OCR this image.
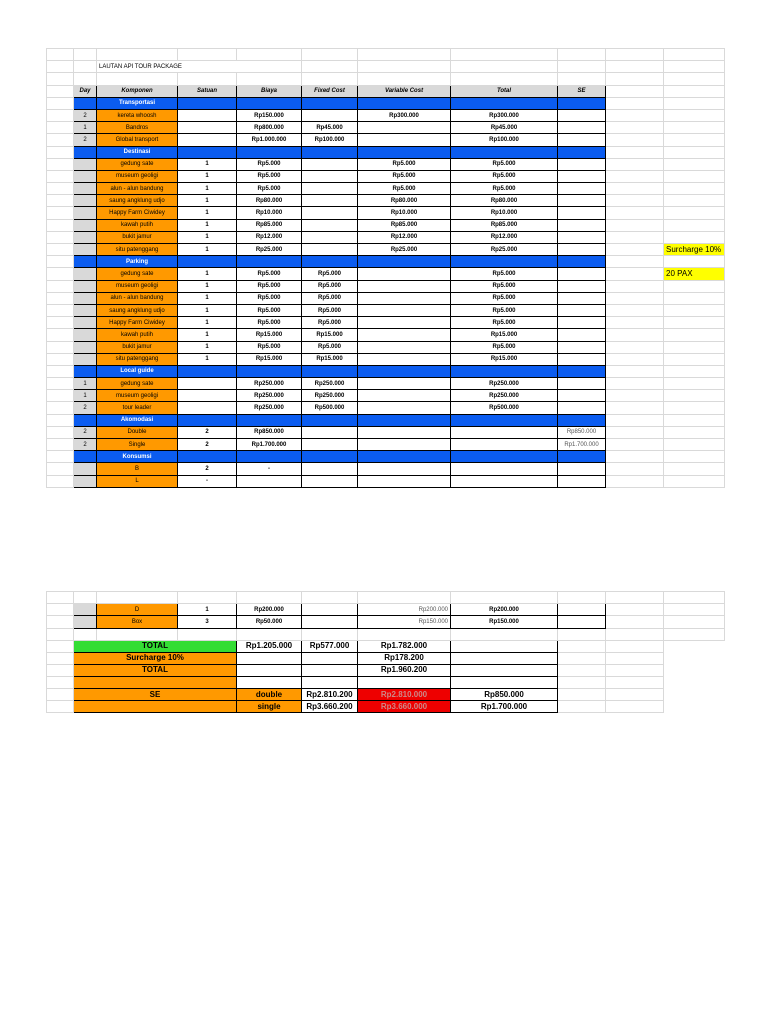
		LAUTAN API TOUR PACKAGE								

	Day	Komponen	Satuan	Biaya	Fixed Cost	Variable Cost	Total	SE		
		Transportasi								
	2	kereta whoosh		Rp150.000		Rp300.000	Rp300.000			
	1	Bandros		Rp800.000	Rp45.000		Rp45.000			
	2	Global transport		Rp1.000.000	Rp100.000		Rp100.000			
		Destinasi								
		gedung sate	1	Rp5.000		Rp5.000	Rp5.000			
		museum geoligi	1	Rp5.000		Rp5.000	Rp5.000			
		alun - alun bandung	1	Rp5.000		Rp5.000	Rp5.000			
		saung angklung udjo	1	Rp80.000		Rp80.000	Rp80.000			
		Happy Farm Ciwidey	1	Rp10.000		Rp10.000	Rp10.000			
		kawah putih	1	Rp85.000		Rp85.000	Rp85.000			
		bukit jamur	1	Rp12.000		Rp12.000	Rp12.000			
		situ patenggang	1	Rp25.000		Rp25.000	Rp25.000			Surcharge 10%
		Parking								
		gedung sate	1	Rp5.000	Rp5.000		Rp5.000			20 PAX
		museum geoligi	1	Rp5.000	Rp5.000		Rp5.000			
		alun - alun bandung	1	Rp5.000	Rp5.000		Rp5.000			
		saung angklung udjo	1	Rp5.000	Rp5.000		Rp5.000			
		Happy Farm Ciwidey	1	Rp5.000	Rp5.000		Rp5.000			
		kawah putih	1	Rp15.000	Rp15.000		Rp15.000			
		bukit jamur	1	Rp5.000	Rp5.000		Rp5.000			
		situ patenggang	1	Rp15.000	Rp15.000		Rp15.000			
		Local guide								
	1	gedung sate		Rp250.000	Rp250.000		Rp250.000			
	1	museum geoligi		Rp250.000	Rp250.000		Rp250.000			
	2	tour leader		Rp250.000	Rp500.000		Rp500.000			
		Akomodasi								
	2	Double	2	Rp850.000				Rp850.000		
	2	Single	2	Rp1.700.000				Rp1.700.000		
		Konsumsi								
		B	2	-						
		L	-							

		D	1	Rp200.000		Rp200.000	Rp200.000			
		Box	3	Rp50.000		Rp150.000	Rp150.000			

	TOTAL			Rp1.205.000	Rp577.000	Rp1.782.000				
	Surcharge 10%					Rp178.200				
	TOTAL					Rp1.960.200				

	SE			double	Rp2.810.200	Rp2.810.000	Rp850.000			
				single	Rp3.660.200	Rp3.660.000	Rp1.700.000			
